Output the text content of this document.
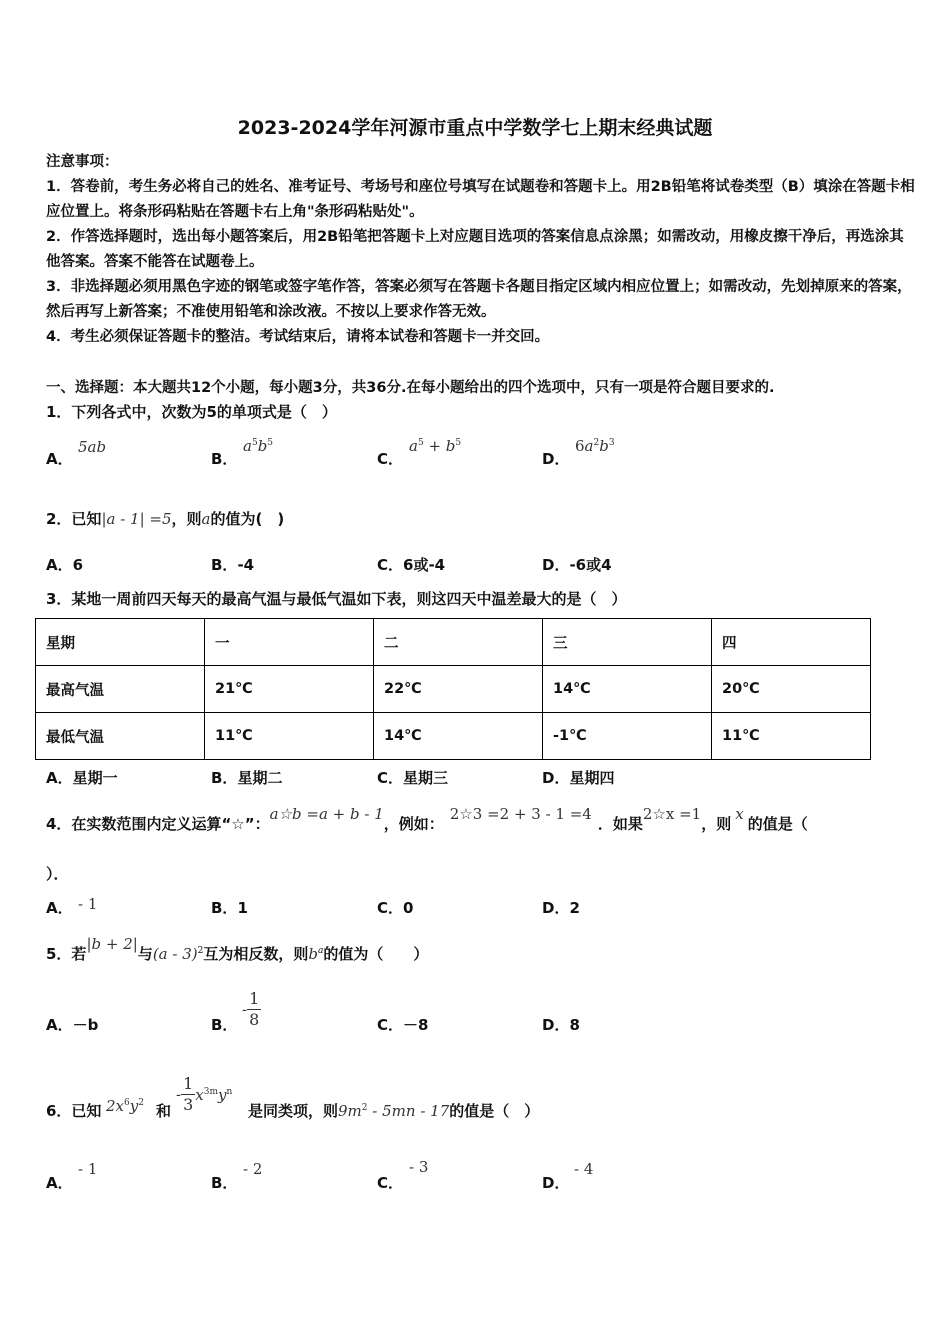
2023-2024学年河源市重点中学数学七上期末经典试题
注意事项：
1．答卷前，考生务必将自己的姓名、准考证号、考场号和座位号填写在试题卷和答题卡上。用2B铅笔将试卷类型（B）填涂在答题卡相应位置上。将条形码粘贴在答题卡右上角"条形码粘贴处"。
2．作答选择题时，选出每小题答案后，用2B铅笔把答题卡上对应题目选项的答案信息点涂黑；如需改动，用橡皮擦干净后，再选涂其他答案。答案不能答在试题卷上。
3．非选择题必须用黑色字迹的钢笔或签字笔作答，答案必须写在答题卡各题目指定区域内相应位置上；如需改动，先划掉原来的答案，然后再写上新答案；不准使用铅笔和涂改液。不按以上要求作答无效。
4．考生必须保证答题卡的整洁。考试结束后，请将本试卷和答题卡一并交回。
一、选择题：本大题共12个小题，每小题3分，共36分.在每小题给出的四个选项中，只有一项是符合题目要求的.
1．下列各式中，次数为5的单项式是（　）
A．
5ab
B．
$a^5b^5$
C．
$a^5 + b^5$
D．
$6a^2b^3$
2．已知|a - 1| =5，则a的值为(　)
A．6	B．-4	C．6或-4	D．-6或4
3．某地一周前四天每天的最高气温与最低气温如下表，则这四天中温差最大的是（　）
星期	一	二	三	四
最高气温	21℃	22℃	14℃	20℃
最低气温	11℃	14℃	-1℃	11℃
A．星期一	B．星期二	C．星期三	D．星期四
4．在实数范围内定义运算“☆”：a☆b =a + b - 1，例如：2☆3 =2 + 3 - 1 =4．如果2☆x =1，则x的值是（
）．
A． - 1	B．1	C．0	D．2
5．若|b + 2|与(a - 3)$^2$互为相反数，则$b^a$的值为（　　）
A．－b	B．
- $\frac{1}{8}$	C．－8	D．8
6．已知 $2x^6y^2$ 和
- $\frac{1}{3} x^{3m}y^n$
是同类项，则$9m^2 - 5mn - 17$的值是（　）
A．
- 1
B．
- 2
C．
- 3
D．
- 4
